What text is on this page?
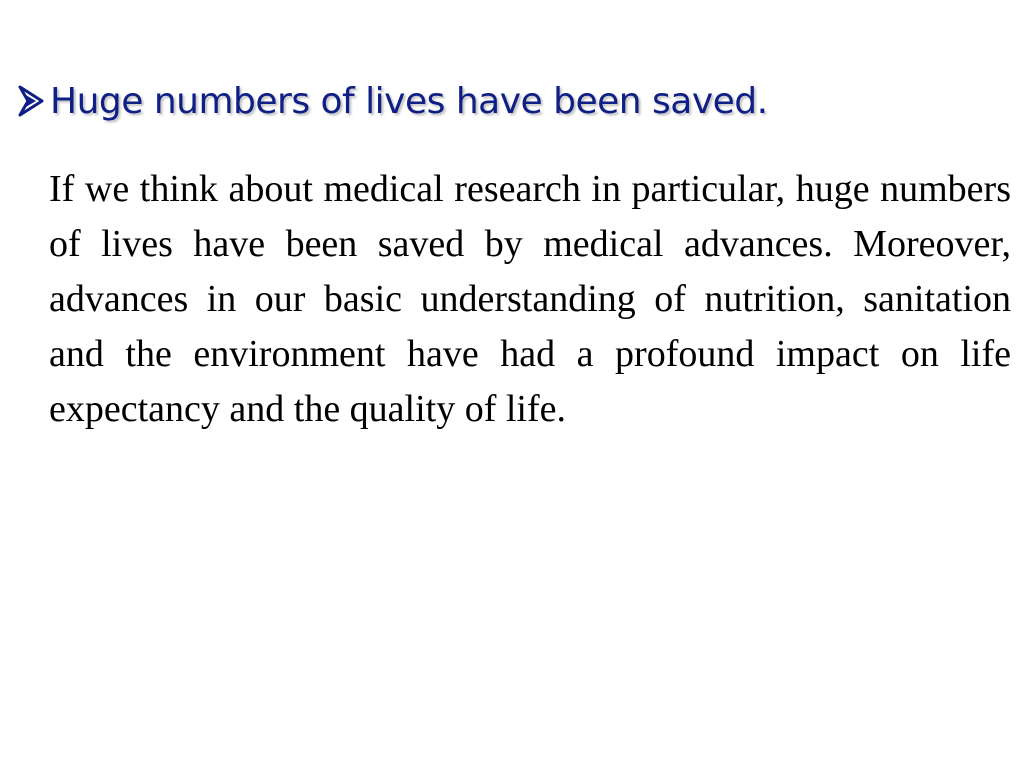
Huge numbers of lives have been saved.

If we think about medical research in particular, huge numbers of lives have been saved by medical advances. Moreover, advances in our basic understanding of nutrition, sanitation and the environment have had a profound impact on life expectancy and the quality of life.
